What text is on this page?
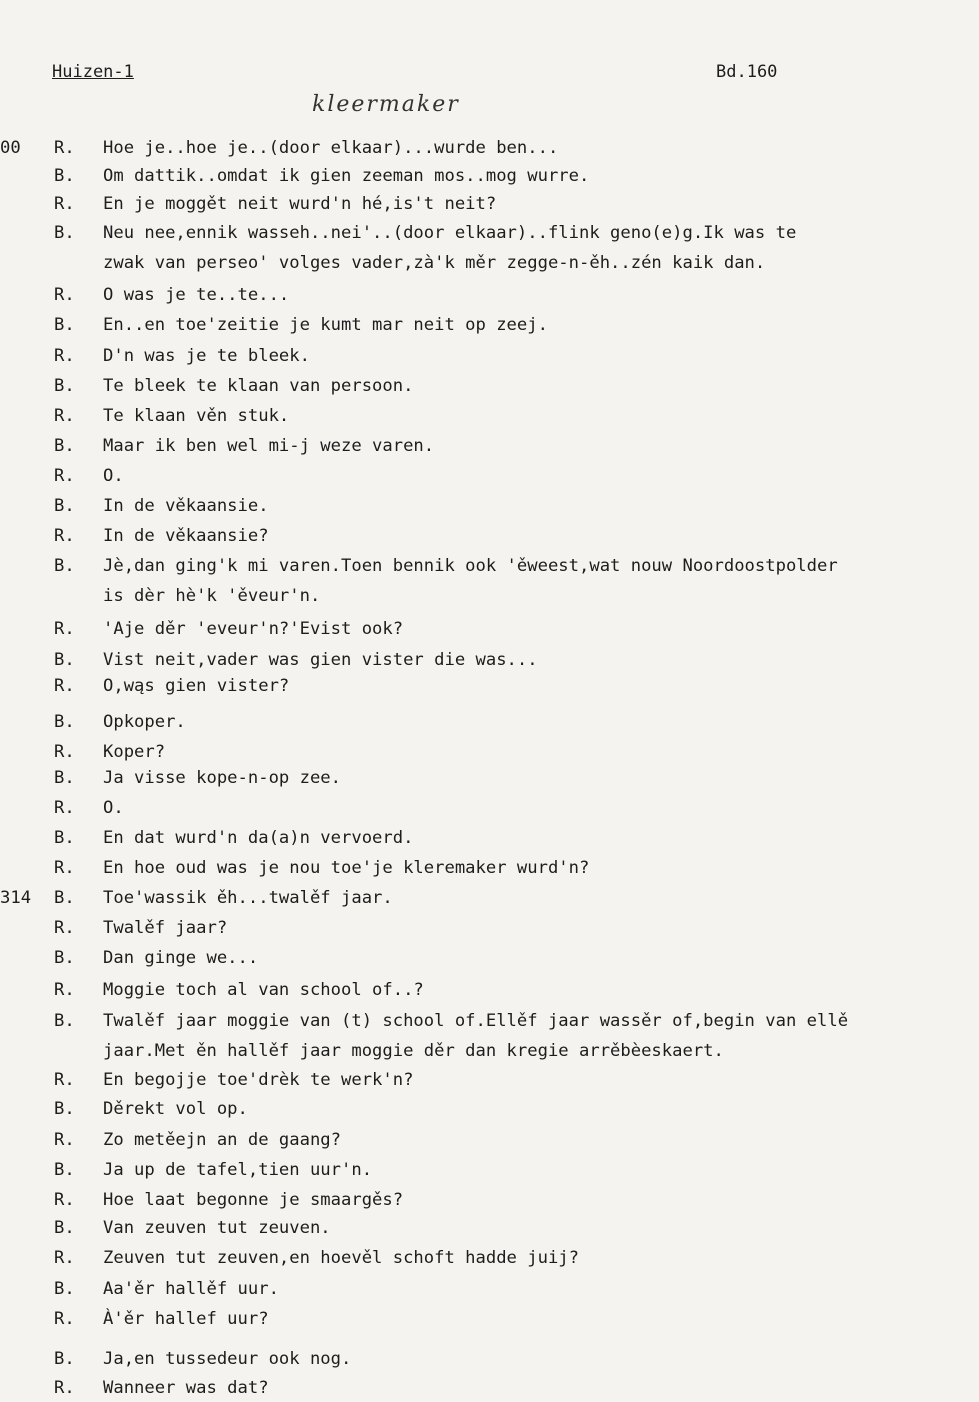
Huizen-1	Bd.160
kleermaker
00	R. Hoe je..hoe je..(door elkaar)...wurde ben...
B. Om dattik..omdat ik gien zeeman mos..mog wurre.
R. En je moggět neit wurd'n hé,is't neit?
B. Neu nee,ennik wasseh..nei'..(door elkaar)..flink geno(e)g.Ik was te
zwak van perseo' volges vader,zà'k měr zegge-n-ěh..zén kaik dan.
R. O was je te..te...
B. En..en toe'zeitie je kumt mar neit op zeej.
R. D'n was je te bleek.
B. Te bleek te klaan van persoon.
R. Te klaan věn stuk.
B. Maar ik ben wel mi-j weze varen.
R. O.
B. In de věkaansie.
R. In de věkaansie?
B. Jè,dan ging'k mi varen.Toen bennik ook 'ěweest,wat nouw Noordoostpolder
is dèr hè'k 'ěveur'n.
R. 'Aje děr 'eveur'n?'Evist ook?
B. Vist neit,vader was gien vister die was...
R. O,wąs gien vister?
B. Opkoper.
R. Koper?
B. Ja visse kope-n-op zee.
R. O.
B. En dat wurd'n da(a)n vervoerd.
R. En hoe oud was je nou toe'je kleremaker wurd'n?
314	B. Toe'wassik ěh...twalěf jaar.
R. Twalěf jaar?
B. Dan ginge we...
R. Moggie toch al van school of..?
B. Twalěf jaar moggie van (t) school of.Ellěf jaar wassěr of,begin van ellě
jaar.Met ěn hallěf jaar moggie děr dan kregie arrěbèeskaert.
R. En begojje toe'drèk te werk'n?
B. Děrekt vol op.
R. Zo metěejn an de gaang?
B. Ja up de tafel,tien uur'n.
R. Hoe laat begonne je smaargěs?
B. Van zeuven tut zeuven.
R. Zeuven tut zeuven,en hoevěl schoft hadde juij?
B. Aa'ěr hallěf uur.
R. À'ěr hallef uur?
B. Ja,en tussedeur ook nog.
R. Wanneer was dat?
